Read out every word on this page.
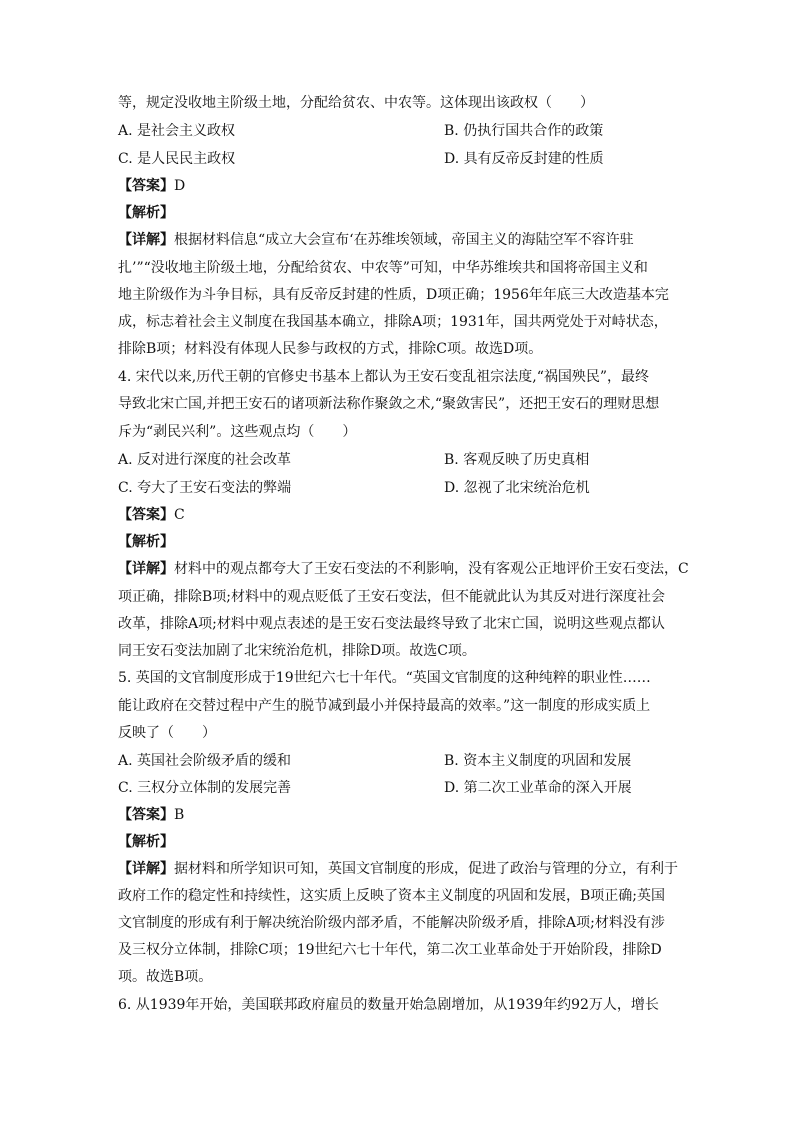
等，规定没收地主阶级土地，分配给贫农、中农等。这体现出该政权（　　）
A. 是社会主义政权	B. 仍执行国共合作的政策
C. 是人民民主政权	D. 具有反帝反封建的性质
【答案】D
【解析】
【详解】根据材料信息“成立大会宣布‘在苏维埃领域，帝国主义的海陆空军不容许驻
扎’”“没收地主阶级土地，分配给贫农、中农等”可知，中华苏维埃共和国将帝国主义和
地主阶级作为斗争目标，具有反帝反封建的性质，D项正确；1956年年底三大改造基本完
成，标志着社会主义制度在我国基本确立，排除A项；1931年，国共两党处于对峙状态，
排除B项；材料没有体现人民参与政权的方式，排除C项。故选D项。
4. 宋代以来,历代王朝的官修史书基本上都认为王安石变乱祖宗法度,“祸国殃民”，最终
导致北宋亡国,并把王安石的诸项新法称作聚敛之术,“聚敛害民”，还把王安石的理财思想
斥为“剥民兴利”。这些观点均（　　）
A. 反对进行深度的社会改革	B. 客观反映了历史真相
C. 夸大了王安石变法的弊端	D. 忽视了北宋统治危机
【答案】C
【解析】
【详解】材料中的观点都夸大了王安石变法的不利影响，没有客观公正地评价王安石变法，C
项正确，排除B项;材料中的观点贬低了王安石变法，但不能就此认为其反对进行深度社会
改革，排除A项;材料中观点表述的是王安石变法最终导致了北宋亡国，说明这些观点都认
同王安石变法加剧了北宋统治危机，排除D项。故选C项。
5. 英国的文官制度形成于19世纪六七十年代。“英国文官制度的这种纯粹的职业性……
能让政府在交替过程中产生的脱节减到最小并保持最高的效率。”这一制度的形成实质上
反映了（　　）
A. 英国社会阶级矛盾的缓和	B. 资本主义制度的巩固和发展
C. 三权分立体制的发展完善	D. 第二次工业革命的深入开展
【答案】B
【解析】
【详解】据材料和所学知识可知，英国文官制度的形成，促进了政治与管理的分立，有利于
政府工作的稳定性和持续性，这实质上反映了资本主义制度的巩固和发展，B项正确;英国
文官制度的形成有利于解决统治阶级内部矛盾，不能解决阶级矛盾，排除A项;材料没有涉
及三权分立体制，排除C项；19世纪六七十年代，第二次工业革命处于开始阶段，排除D
项。故选B项。
6. 从1939年开始，美国联邦政府雇员的数量开始急剧增加，从1939年约92万人，增长
